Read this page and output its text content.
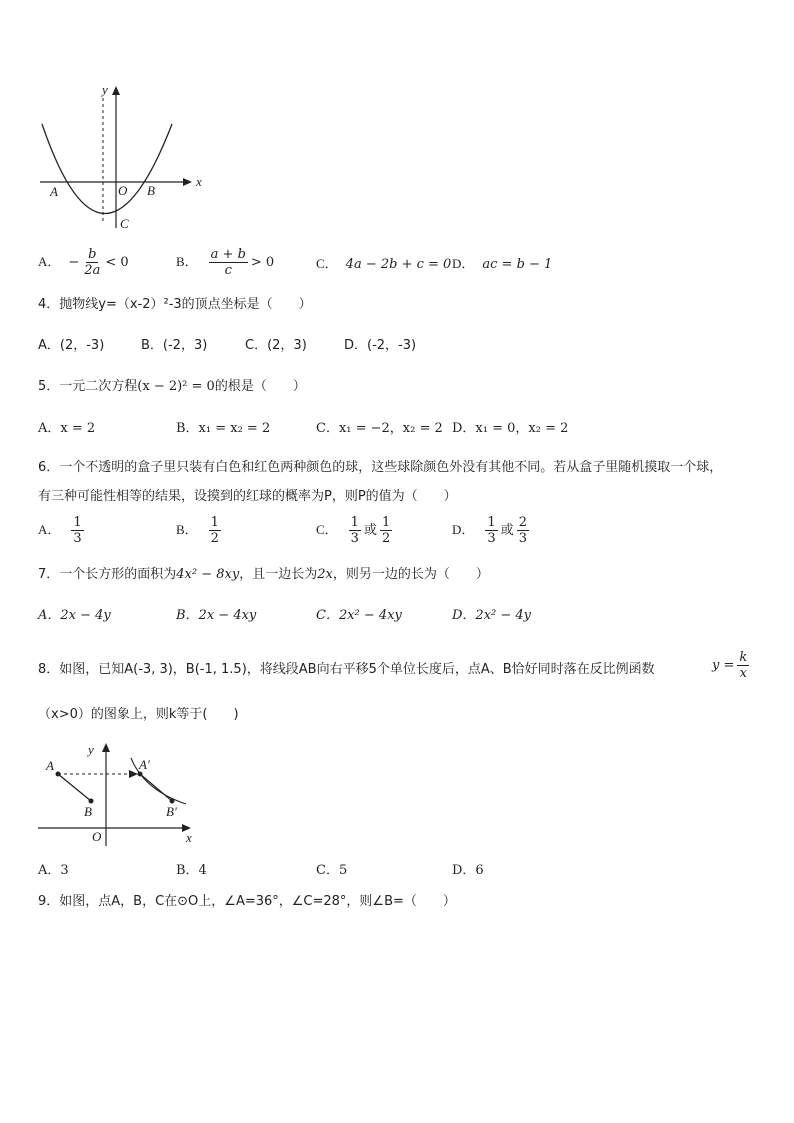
y
x
A	O B
C
A． − $\frac{b}{2a} < 0$	B． $\frac{a + b}{c} > 0$	C． 4a − 2b + c = 0 D． ac = b − 1
4．抛物线y=（x-2）²-3的顶点坐标是（　　）
A．(2，-3)	B．(-2，3)	C．(2，3)	D．(-2，-3)
5．一元二次方程(x − 2)² = 0的根是（　　）
A．x = 2	B．x₁ = x₂ = 2	C．x₁ = −2，x₂ = 2 D．x₁ = 0，x₂ = 2
6．一个不透明的盒子里只装有白色和红色两种颜色的球，这些球除颜色外没有其他不同。若从盒子里随机摸取一个球，
有三种可能性相等的结果，设摸到的红球的概率为P，则P的值为（　　）
A． $\frac{1}{3}$	B． $\frac{1}{2}$	C． $\frac{1}{3}$ 或 $\frac{1}{2}$	D． $\frac{1}{3}$ 或 $\frac{2}{3}$
7．一个长方形的面积为4x² − 8xy，且一边长为2x，则另一边的长为（　　）
A．2x − 4y	B．2x − 4xy	C．2x² − 4xy	D．2x² − 4y
8．如图，已知A(-3, 3)，B(-1, 1.5)，将线段AB向右平移5个单位长度后，点A、B恰好同时落在反比例函数	$y = \frac{k}{x}$
（x>0）的图象上，则k等于(　　)
y
x
O
A
B
A′
B′
A．3	B．4	C．5	D．6
9．如图，点A，B，C在⊙O上，∠A=36°，∠C=28°，则∠B=（　　）
